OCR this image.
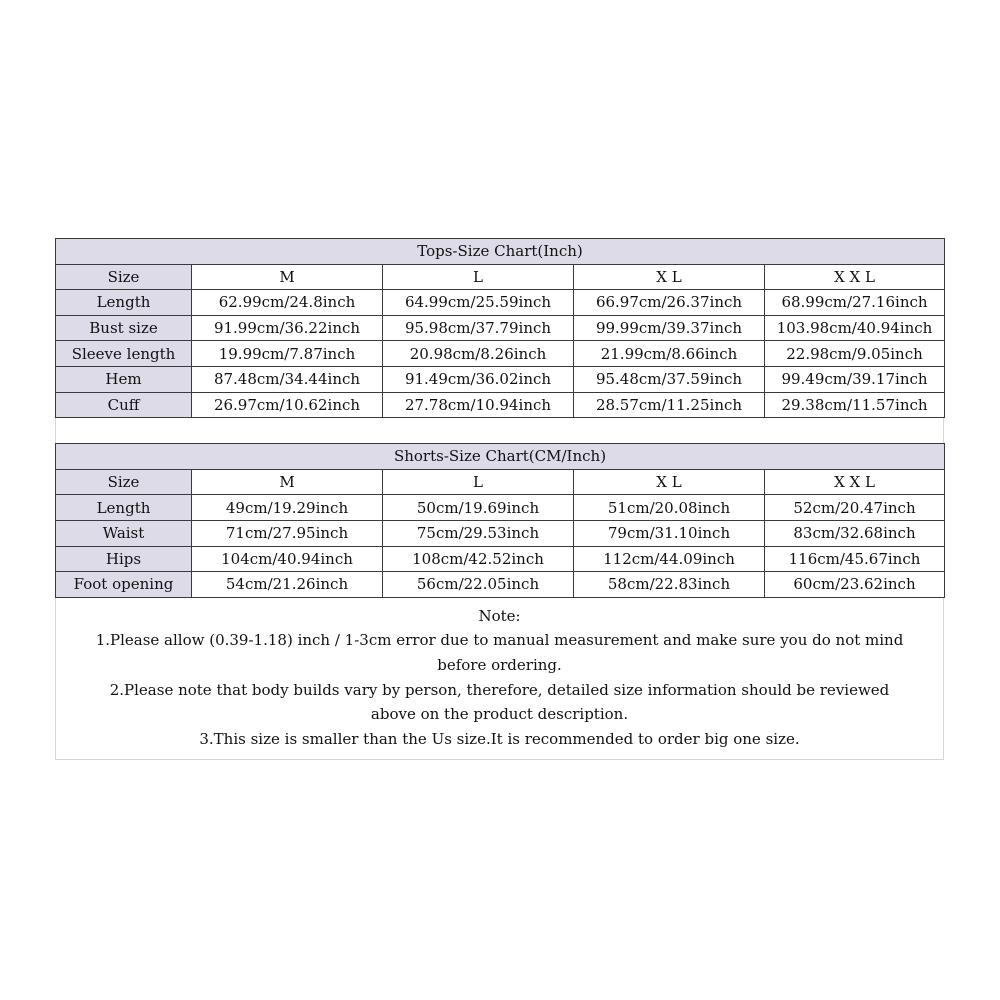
Tops-Size Chart(Inch)				
Size	M	L	X L	X X L
Length	62.99cm/24.8inch	64.99cm/25.59inch	66.97cm/26.37inch	68.99cm/27.16inch
Bust size	91.99cm/36.22inch	95.98cm/37.79inch	99.99cm/39.37inch	103.98cm/40.94inch
Sleeve length	19.99cm/7.87inch	20.98cm/8.26inch	21.99cm/8.66inch	22.98cm/9.05inch
Hem	87.48cm/34.44inch	91.49cm/36.02inch	95.48cm/37.59inch	99.49cm/39.17inch
Cuff	26.97cm/10.62inch	27.78cm/10.94inch	28.57cm/11.25inch	29.38cm/11.57inch
Shorts-Size Chart(CM/Inch)				
Size	M	L	X L	X X L
Length	49cm/19.29inch	50cm/19.69inch	51cm/20.08inch	52cm/20.47inch
Waist	71cm/27.95inch	75cm/29.53inch	79cm/31.10inch	83cm/32.68inch
Hips	104cm/40.94inch	108cm/42.52inch	112cm/44.09inch	116cm/45.67inch
Foot opening	54cm/21.26inch	56cm/22.05inch	58cm/22.83inch	60cm/23.62inch
Note:
1.Please allow (0.39-1.18) inch / 1-3cm error due to manual measurement and make sure you do not mind
before ordering.
2.Please note that body builds vary by person, therefore, detailed size information should be reviewed
above on the product description.
3.This size is smaller than the Us size.It is recommended to order big one size.
